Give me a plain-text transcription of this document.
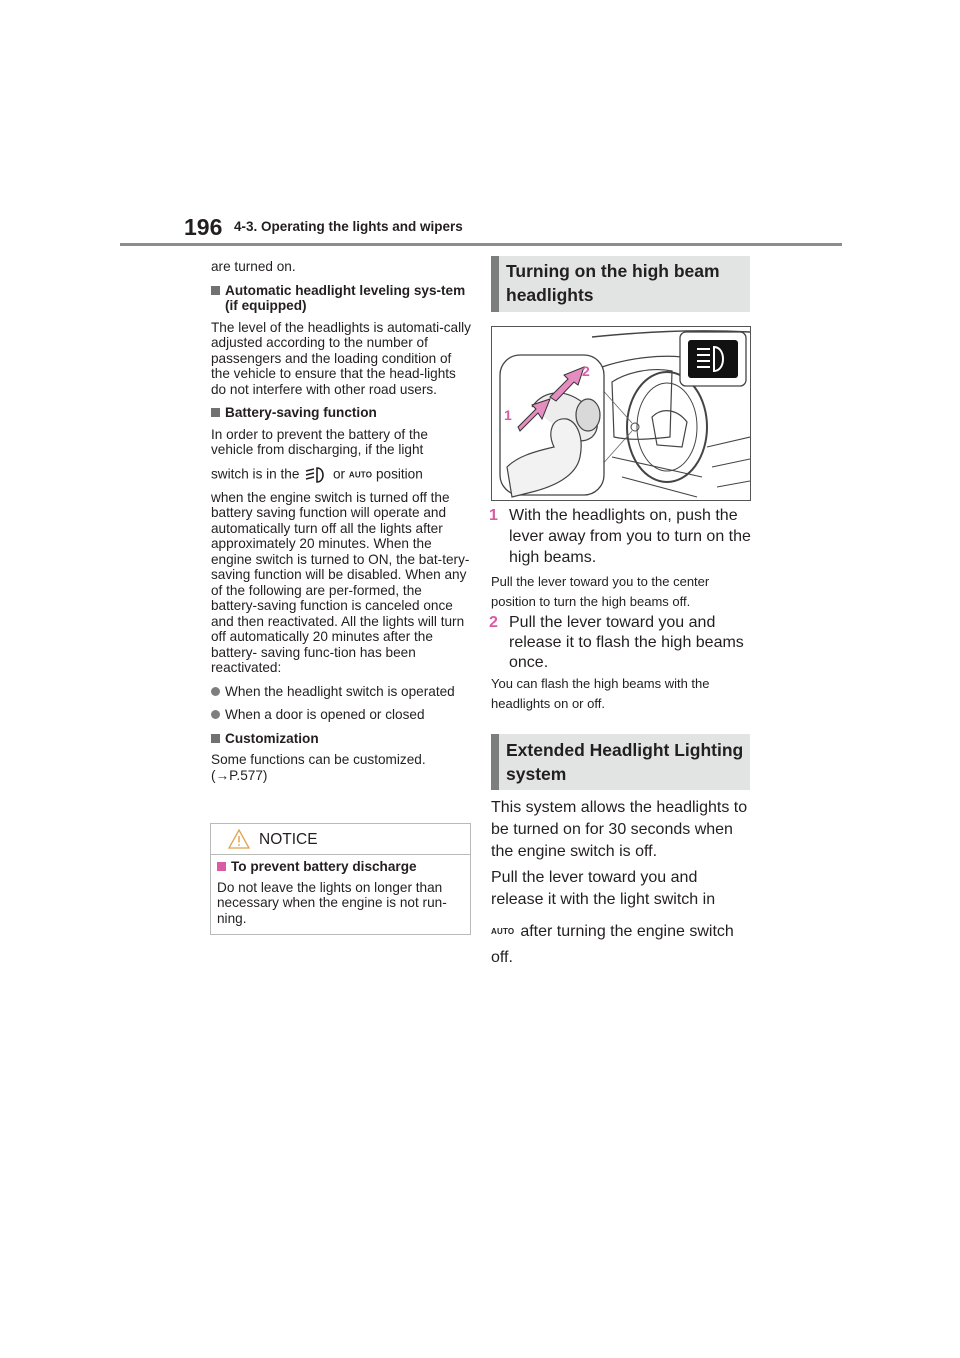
196 4-3. Operating the lights and wipers

are turned on.

Automatic headlight leveling sys-tem (if equipped)

The level of the headlights is automati-cally adjusted according to the number of passengers and the loading condition of the vehicle to ensure that the head-lights do not interfere with other road users.

Battery-saving function

In order to prevent the battery of the vehicle from discharging, if the light

switch is in the or AUTO position

when the engine switch is turned off the battery saving function will operate and automatically turn off all the lights after approximately 20 minutes. When the engine switch is turned to ON, the bat-tery-saving function will be disabled. When any of the following are per-formed, the battery-saving function is canceled once and then reactivated. All the lights will turn off automatically 20 minutes after the battery- saving func-tion has been reactivated:

When the headlight switch is operated
When a door is opened or closed
Customization

Some functions can be customized. (→P.577)

NOTICE
To prevent battery discharge
Do not leave the lights on longer than necessary when the engine is not run-ning.
Turning on the high beam
headlights
1
2
1 With the headlights on, push the lever away from you to turn on the high beams.
Pull the lever toward you to the center position to turn the high beams off.
2 Pull the lever toward you and release it to flash the high beams once.
You can flash the high beams with the headlights on or off.
Extended Headlight Lighting
system
This system allows the headlights to be turned on for 30 seconds when the engine switch is off.
Pull the lever toward you and release it with the light switch in
AUTO after turning the engine switch off.
